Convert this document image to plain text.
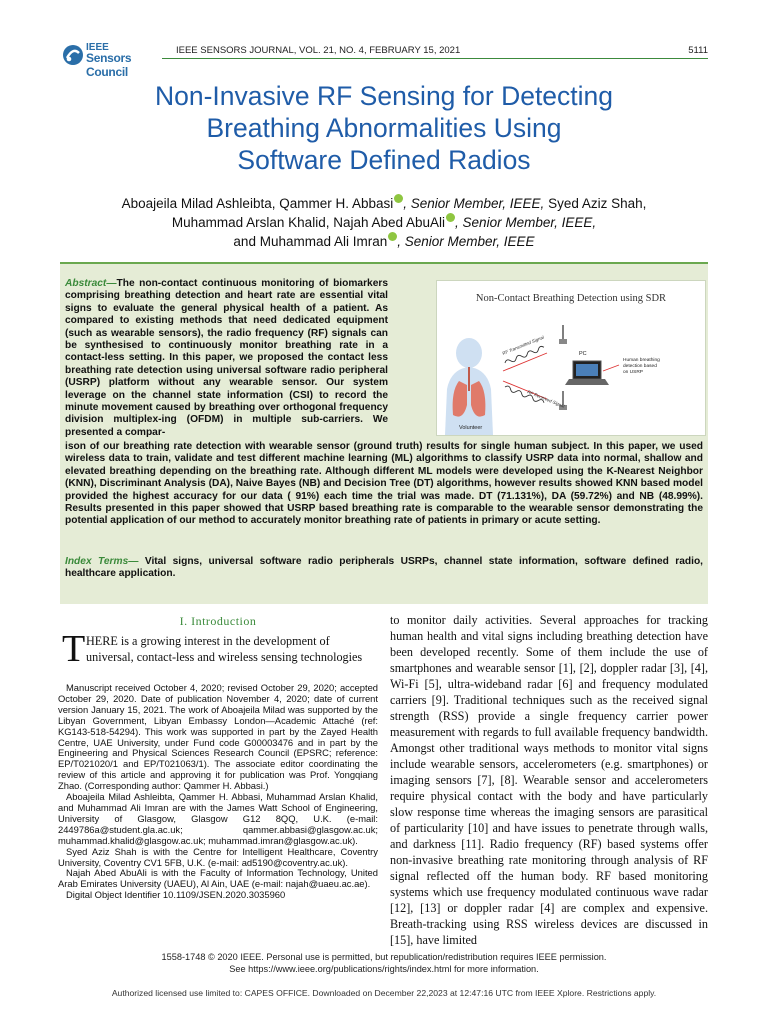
IEEE
Sensors Council
IEEE SENSORS JOURNAL, VOL. 21, NO. 4, FEBRUARY 15, 2021	5111
Non-Invasive RF Sensing for Detecting
Breathing Abnormalities Using
Software Defined Radios
Aboajeila Milad Ashleibta, Qammer H. Abbasi , Senior Member, IEEE, Syed Aziz Shah,
Muhammad Arslan Khalid, Najah Abed AbuAli , Senior Member, IEEE,
and Muhammad Ali Imran , Senior Member, IEEE
Abstract—The non-contact continuous monitoring of biomarkers comprising breathing detection and heart rate are essential vital signs to evaluate the general physical health of a patient. As compared to existing methods that need dedicated equipment (such as wearable sensors), the radio frequency (RF) signals can be synthesised to continuously monitor breathing rate in a contact-less setting. In this paper, we proposed the contact less breathing rate detection using universal software radio peripheral (USRP) platform without any wearable sensor. Our system leverage on the channel state information (CSI) to record the minute movement caused by breathing over orthogonal frequency division multiplex-ing (OFDM) in multiple sub-carriers. We presented a compar-
ison of our breathing rate detection with wearable sensor (ground truth) results for single human subject. In this paper, we used wireless data to train, validate and test different machine learning (ML) algorithms to classify USRP data into normal, shallow and elevated breathing depending on the breathing rate. Although different ML models were developed using the K-Nearest Neighbor (KNN), Discriminant Analysis (DA), Naive Bayes (NB) and Decision Tree (DT) algorithms, however results showed KNN based model provided the highest accuracy for our data ( 91%) each time the trial was made. DT (71.131%), DA (59.72%) and NB (48.99%). Results presented in this paper showed that USRP based breathing rate is comparable to the wearable sensor demonstrating the potential application of our method to accurately monitor breathing rate of patients in primary or acute setting.
Index Terms— Vital signs, universal software radio peripherals USRPs, channel state information, software defined radio, healthcare application.
Non-Contact Breathing Detection using SDR
Volunteer
RF Transmitted Signal
RF Received Signal
PC
Human breathing
detection based
on USRP
I. Introduction
T HERE is a growing interest in the development of
universal, contact-less and wireless sensing technologies

Manuscript received October 4, 2020; revised October 29, 2020; accepted October 29, 2020. Date of publication November 4, 2020; date of current version January 15, 2021. The work of Aboajeila Milad was supported by the Libyan Government, Libyan Embassy London—Academic Attaché (ref: KG143-518-54294). This work was supported in part by the Zayed Health Centre, UAE University, under Fund code G00003476 and in part by the Engineering and Physical Sciences Research Council (EPSRC; reference: EP/T021020/1 and EP/T021063/1). The associate editor coordinating the review of this article and approving it for publication was Prof. Yongqiang Zhao. (Corresponding author: Qammer H. Abbasi.)

Aboajeila Milad Ashleibta, Qammer H. Abbasi, Muhammad Arslan Khalid, and Muhammad Ali Imran are with the James Watt School of Engineering, University of Glasgow, Glasgow G12 8QQ, U.K. (e-mail: 2449786a@student.gla.ac.uk; qammer.abbasi@glasgow.ac.uk; muhammad.khalid@glasgow.ac.uk; muhammad.imran@glasgow.ac.uk).

Syed Aziz Shah is with the Centre for Intelligent Healthcare, Coventry University, Coventry CV1 5FB, U.K. (e-mail: ad5190@coventry.ac.uk).

Najah Abed AbuAli is with the Faculty of Information Technology, United Arab Emirates University (UAEU), Al Ain, UAE (e-mail: najah@uaeu.ac.ae).

Digital Object Identifier 10.1109/JSEN.2020.3035960

to monitor daily activities. Several approaches for tracking human health and vital signs including breathing detection have been developed recently. Some of them include the use of smartphones and wearable sensor [1], [2], doppler radar [3], [4], Wi-Fi [5], ultra-wideband radar [6] and frequency modulated carriers [9]. Traditional techniques such as the received signal strength (RSS) provide a single frequency carrier power measurement with regards to full available frequency bandwidth. Amongst other traditional ways methods to monitor vital signs include wearable sensors, accelerometers (e.g. smartphones) or imaging sensors [7], [8]. Wearable sensor and accelerometers require physical contact with the body and have particularly slow response time whereas the imaging sensors are parasitical of particularity [10] and have issues to penetrate through walls, and darkness [11]. Radio frequency (RF) based systems offer non-invasive breathing rate monitoring through analysis of RF signal reflected off the human body. RF based monitoring systems which use frequency modulated continuous wave radar [12], [13] or doppler radar [4] are complex and expensive. Breath-tracking using RSS wireless devices are discussed in [15], have limited
1558-1748 © 2020 IEEE. Personal use is permitted, but republication/redistribution requires IEEE permission.
See https://www.ieee.org/publications/rights/index.html for more information.
Authorized licensed use limited to: CAPES OFFICE. Downloaded on December 22,2023 at 12:47:16 UTC from IEEE Xplore. Restrictions apply.
